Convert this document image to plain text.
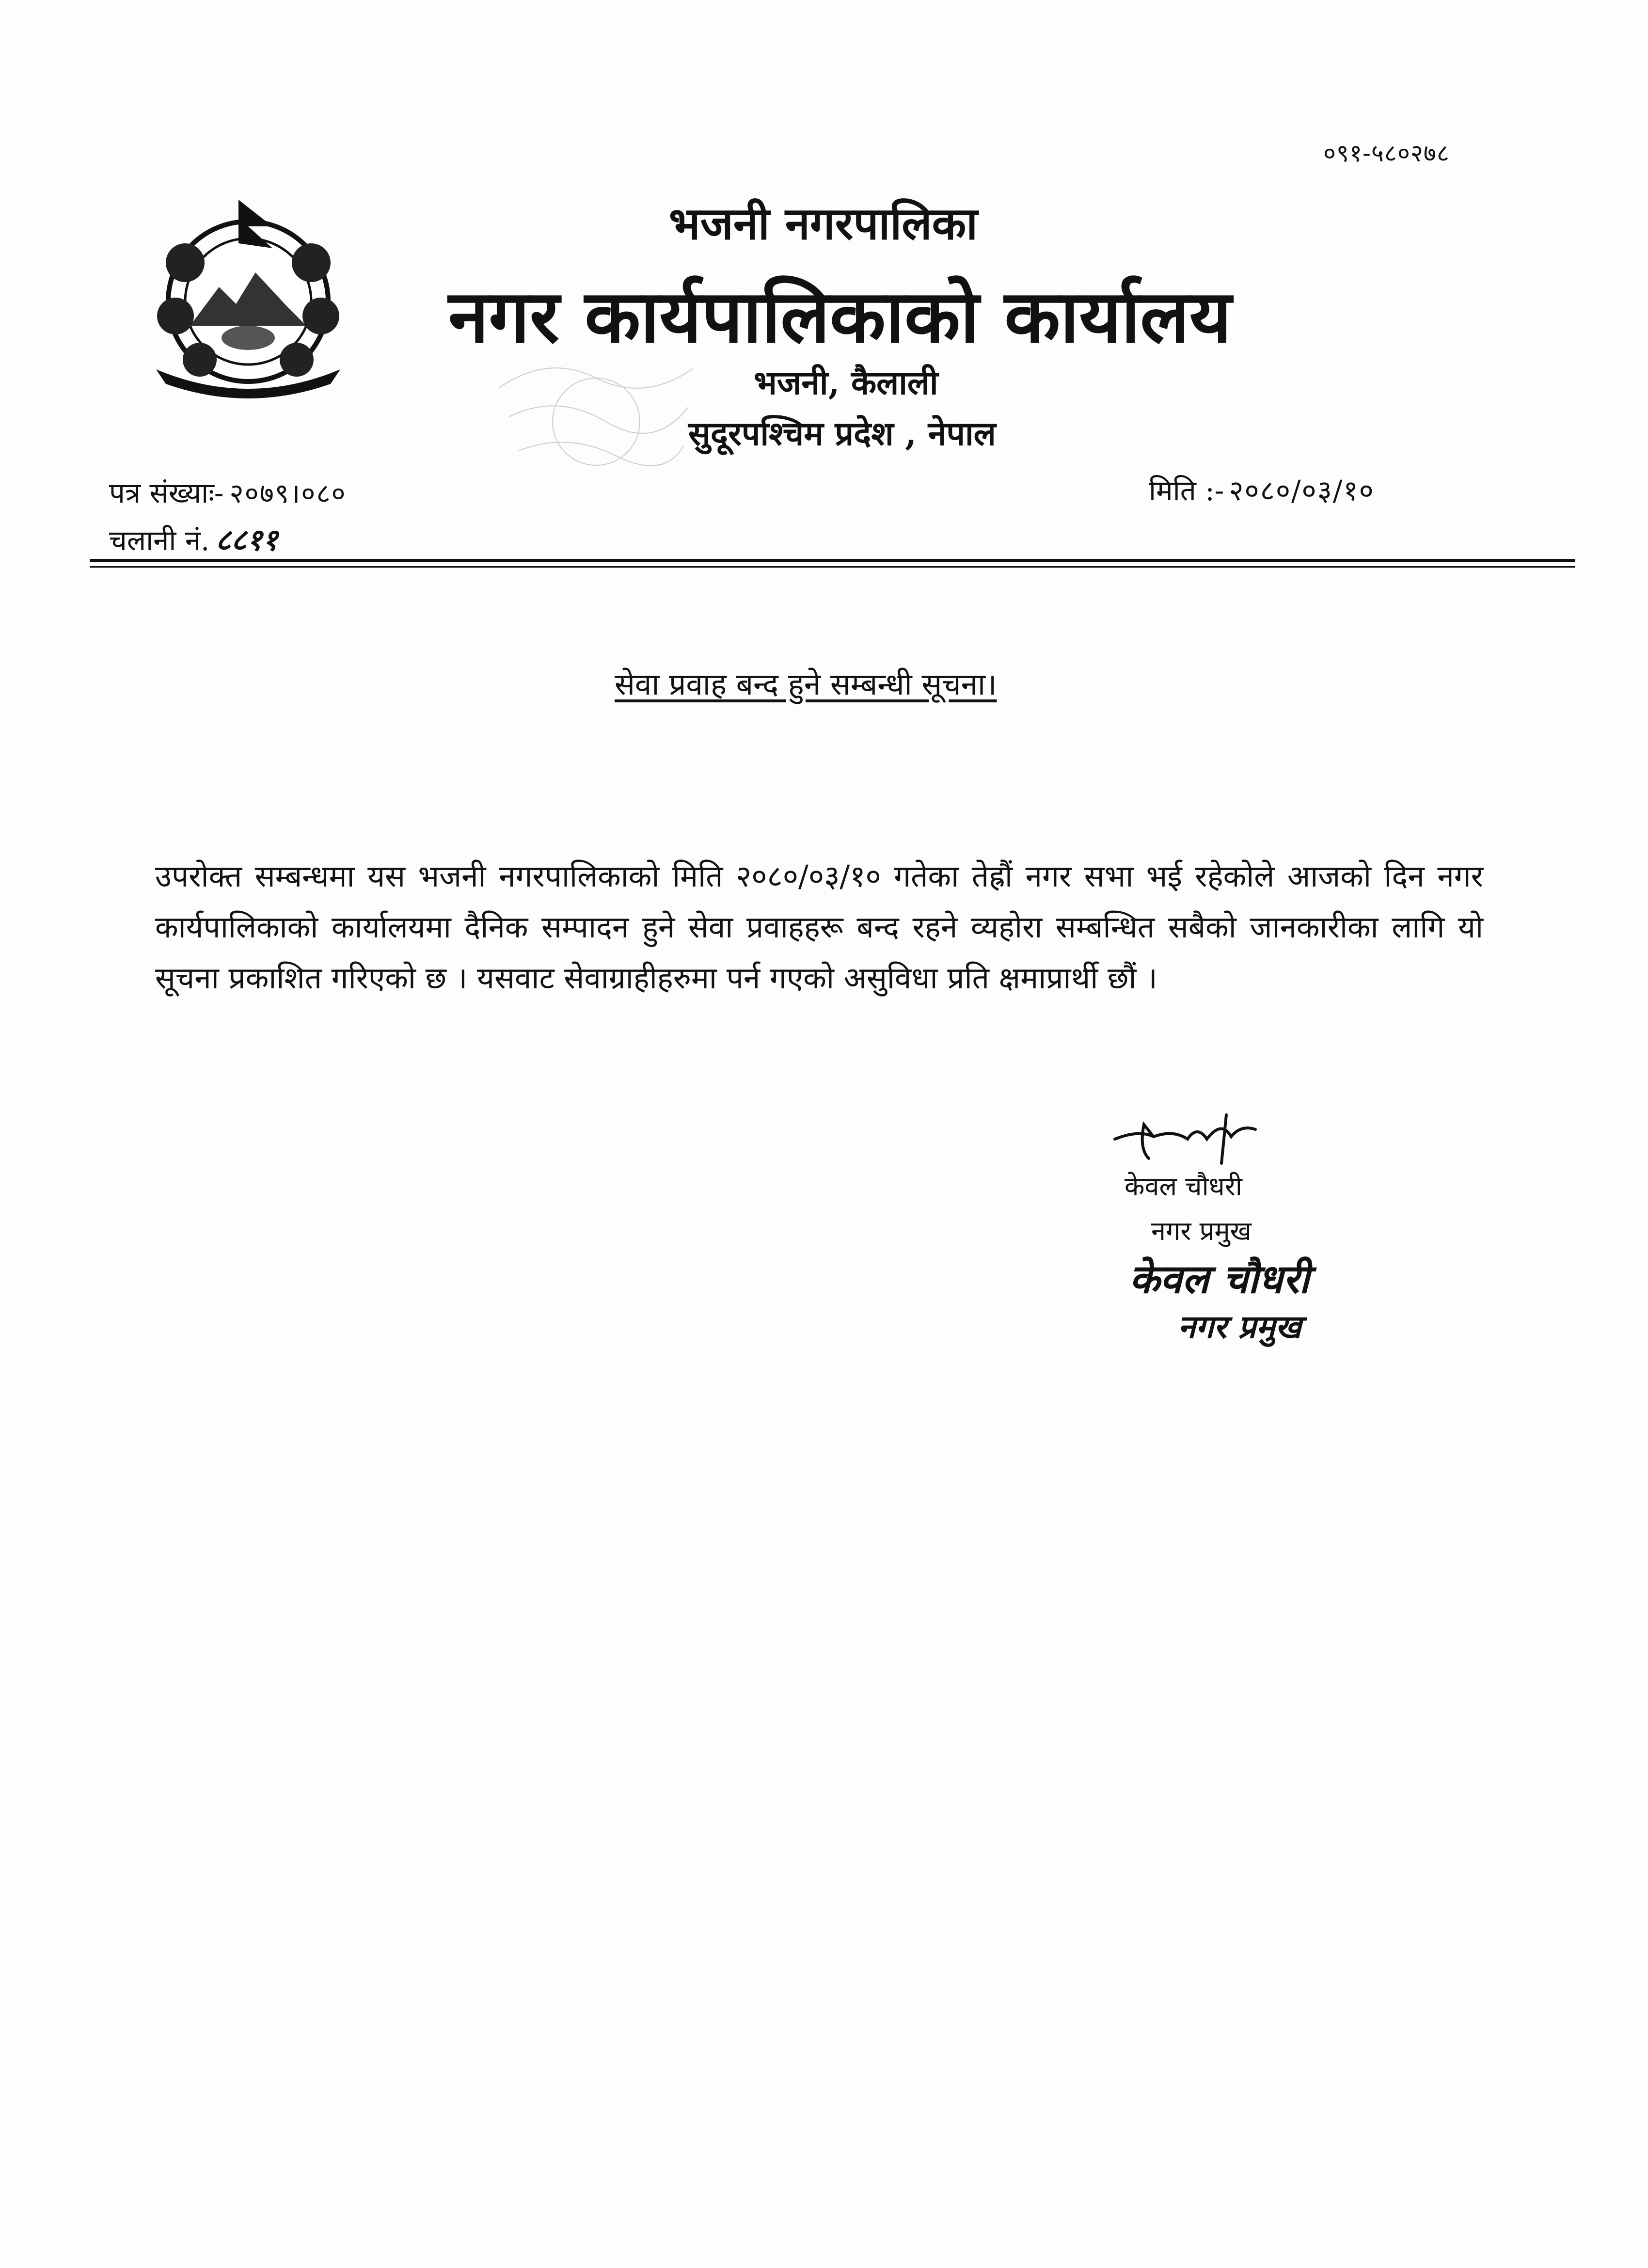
०९१-५८०२७८
भजनी नगरपालिका
नगर कार्यपालिकाको कार्यालय
भजनी, कैलाली
सुदूरपश्चिम प्रदेश , नेपाल
पत्र संख्याः- २०७९।०८०	मिति :- २०८०/०३/१०
चलानी नं. ८८११
सेवा प्रवाह बन्द हुने सम्बन्धी सूचना।
उपरोक्त सम्बन्धमा यस भजनी नगरपालिकाको मिति २०८०/०३/१० गतेका तेह्रौं नगर सभा भई रहेकोले आजको दिन नगर कार्यपालिकाको कार्यालयमा दैनिक सम्पादन हुने सेवा प्रवाहहरू बन्द रहने व्यहोरा सम्बन्धित सबैको जानकारीका लागि यो सूचना प्रकाशित गरिएको छ । यसवाट सेवाग्राहीहरुमा पर्न गएको असुविधा प्रति क्षमाप्रार्थी छौं ।
केवल चौधरी
नगर प्रमुख
केवल चौधरी
नगर प्रमुख
